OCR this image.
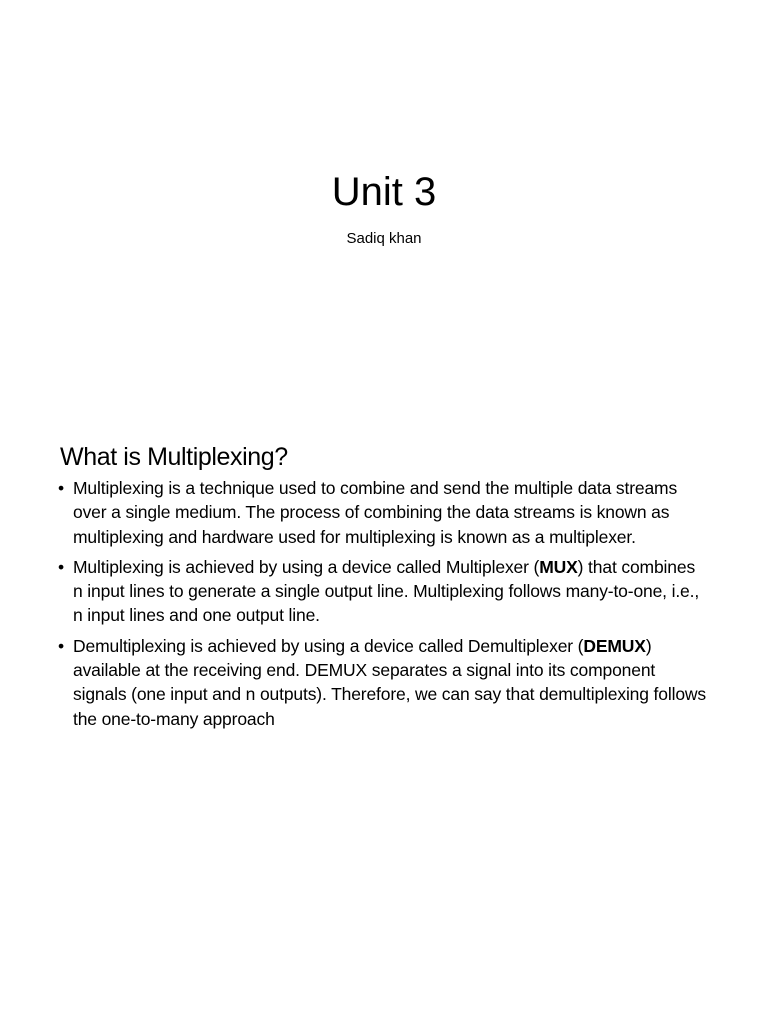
Unit 3

Sadiq khan

What is Multiplexing?
• Multiplexing is a technique used to combine and send the multiple data streams over a single medium. The process of combining the data streams is known as multiplexing and hardware used for multiplexing is known as a multiplexer.
• Multiplexing is achieved by using a device called Multiplexer (MUX) that combines n input lines to generate a single output line. Multiplexing follows many-to-one, i.e., n input lines and one output line.
• Demultiplexing is achieved by using a device called Demultiplexer (DEMUX) available at the receiving end. DEMUX separates a signal into its component signals (one input and n outputs). Therefore, we can say that demultiplexing follows the one-to-many approach
